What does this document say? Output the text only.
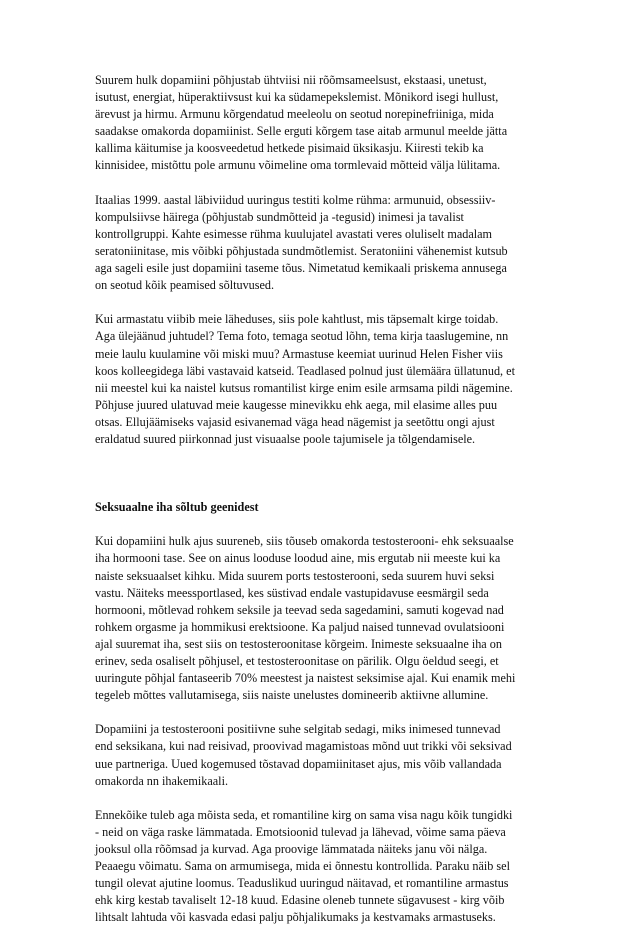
Suurem hulk dopamiini põhjustab ühtviisi nii rõõmsameelsust, ekstaasi, unetust,
isutust, energiat, hüperaktiivsust kui ka südamepekslemist. Mõnikord isegi hullust,
ärevust ja hirmu. Armunu kõrgendatud meeleolu on seotud norepinefriiniga, mida
saadakse omakorda dopamiinist. Selle erguti kõrgem tase aitab armunul meelde jätta
kallima käitumise ja koosveedetud hetkede pisimaid üksikasju. Kiiresti tekib ka
kinnisidee, mistõttu pole armunu võimeline oma tormlevaid mõtteid välja lülitama.

Itaalias 1999. aastal läbiviidud uuringus testiti kolme rühma: armunuid, obsessiiv-
kompulsiivse häirega (põhjustab sundmõtteid ja -tegusid) inimesi ja tavalist
kontrollgruppi. Kahte esimesse rühma kuulujatel avastati veres oluliselt madalam
seratoniinitase, mis võibki põhjustada sundmõtlemist. Seratoniini vähenemist kutsub
aga sageli esile just dopamiini taseme tõus. Nimetatud kemikaali priskema annusega
on seotud kõik peamised sõltuvused.

Kui armastatu viibib meie läheduses, siis pole kahtlust, mis täpsemalt kirge toidab.
Aga ülejäänud juhtudel? Tema foto, temaga seotud lõhn, tema kirja taaslugemine, nn
meie laulu kuulamine või miski muu? Armastuse keemiat uurinud Helen Fisher viis
koos kolleegidega läbi vastavaid katseid. Teadlased polnud just ülemäära üllatunud, et
nii meestel kui ka naistel kutsus romantilist kirge enim esile armsama pildi nägemine.
Põhjuse juured ulatuvad meie kaugesse minevikku ehk aega, mil elasime alles puu
otsas. Ellujäämiseks vajasid esivanemad väga head nägemist ja seetõttu ongi ajust
eraldatud suured piirkonnad just visuaalse poole tajumisele ja tõlgendamisele.

Seksuaalne iha sõltub geenidest

Kui dopamiini hulk ajus suureneb, siis tõuseb omakorda testosterooni- ehk seksuaalse
iha hormooni tase. See on ainus looduse loodud aine, mis ergutab nii meeste kui ka
naiste seksuaalset kihku. Mida suurem ports testosterooni, seda suurem huvi seksi
vastu. Näiteks meessportlased, kes süstivad endale vastupidavuse eesmärgil seda
hormooni, mõtlevad rohkem seksile ja teevad seda sagedamini, samuti kogevad nad
rohkem orgasme ja hommikusi erektsioone. Ka paljud naised tunnevad ovulatsiooni
ajal suuremat iha, sest siis on testosteroonitase kõrgeim. Inimeste seksuaalne iha on
erinev, seda osaliselt põhjusel, et testosteroonitase on pärilik. Olgu öeldud seegi, et
uuringute põhjal fantaseerib 70% meestest ja naistest seksimise ajal. Kui enamik mehi
tegeleb mõttes vallutamisega, siis naiste unelustes domineerib aktiivne allumine.

Dopamiini ja testosterooni positiivne suhe selgitab sedagi, miks inimesed tunnevad
end seksikana, kui nad reisivad, proovivad magamistoas mõnd uut trikki või seksivad
uue partneriga. Uued kogemused tõstavad dopamiinitaset ajus, mis võib vallandada
omakorda nn ihakemikaali.

Ennekõike tuleb aga mõista seda, et romantiline kirg on sama visa nagu kõik tungidki
- neid on väga raske lämmatada. Emotsioonid tulevad ja lähevad, võime sama päeva
jooksul olla rõõmsad ja kurvad. Aga proovige lämmatada näiteks janu või nälga.
Peaaegu võimatu. Sama on armumisega, mida ei õnnestu kontrollida. Paraku näib sel
tungil olevat ajutine loomus. Teaduslikud uuringud näitavad, et romantiline armastus
ehk kirg kestab tavaliselt 12-18 kuud. Edasine oleneb tunnete sügavusest - kirg võib
lihtsalt lahtuda või kasvada edasi palju põhjalikumaks ja kestvamaks armastuseks.
